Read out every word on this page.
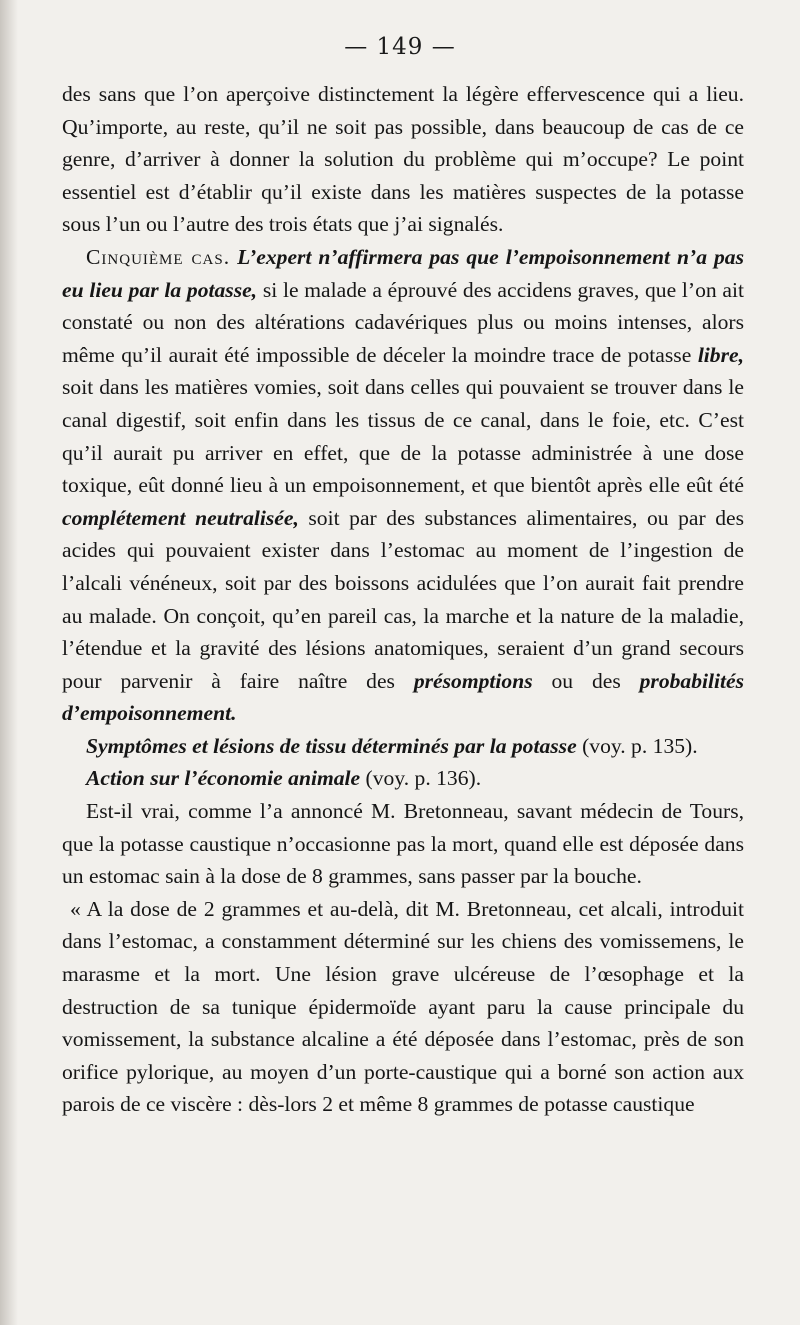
— 149 —

des sans que l’on aperçoive distinctement la légère effervescence qui a lieu. Qu’importe, au reste, qu’il ne soit pas possible, dans beaucoup de cas de ce genre, d’arriver à donner la solution du problème qui m’occupe? Le point essentiel est d’établir qu’il existe dans les matières suspectes de la potasse sous l’un ou l’autre des trois états que j’ai signalés.

Cinquième cas. L’expert n’affirmera pas que l’empoisonnement n’a pas eu lieu par la potasse, si le malade a éprouvé des accidens graves, que l’on ait constaté ou non des altérations cadavériques plus ou moins intenses, alors même qu’il aurait été impossible de déceler la moindre trace de potasse libre, soit dans les matières vomies, soit dans celles qui pouvaient se trouver dans le canal digestif, soit enfin dans les tissus de ce canal, dans le foie, etc. C’est qu’il aurait pu arriver en effet, que de la potasse administrée à une dose toxique, eût donné lieu à un empoisonnement, et que bientôt après elle eût été complétement neutralisée, soit par des substances alimentaires, ou par des acides qui pouvaient exister dans l’estomac au moment de l’ingestion de l’alcali vénéneux, soit par des boissons acidulées que l’on aurait fait prendre au malade. On conçoit, qu’en pareil cas, la marche et la nature de la maladie, l’étendue et la gravité des lésions anatomiques, seraient d’un grand secours pour parvenir à faire naître des présomptions ou des probabilités d’empoisonnement.

Symptômes et lésions de tissu déterminés par la potasse (voy. p. 135).

Action sur l’économie animale (voy. p. 136).

Est-il vrai, comme l’a annoncé M. Bretonneau, savant médecin de Tours, que la potasse caustique n’occasionne pas la mort, quand elle est déposée dans un estomac sain à la dose de 8 grammes, sans passer par la bouche.

« A la dose de 2 grammes et au-delà, dit M. Bretonneau, cet alcali, introduit dans l’estomac, a constamment déterminé sur les chiens des vomissemens, le marasme et la mort. Une lésion grave ulcéreuse de l’œsophage et la destruction de sa tunique épidermoïde ayant paru la cause principale du vomissement, la substance alcaline a été déposée dans l’estomac, près de son orifice pylorique, au moyen d’un porte-caustique qui a borné son action aux parois de ce viscère : dès-lors 2 et même 8 grammes de potasse caustique
